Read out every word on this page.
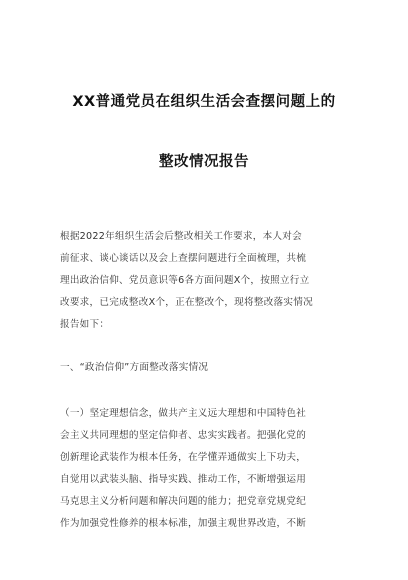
XX普通党员在组织生活会查摆问题上的
整改情况报告
根据2022年组织生活会后整改相关工作要求，本人对会
前征求、谈心谈话以及会上查摆问题进行全面梳理，共梳
理出政治信仰、党员意识等6各方面问题X个，按照立行立
改要求，已完成整改X个，正在整改个，现将整改落实情况
报告如下：
一、“政治信仰”方面整改落实情况
（一）坚定理想信念，做共产主义远大理想和中国特色社
会主义共同理想的坚定信仰者、忠实实践者。把强化党的
创新理论武装作为根本任务，在学懂弄通做实上下功夫，
自觉用以武装头脑、指导实践、推动工作，不断增强运用
马克思主义分析问题和解决问题的能力；把党章党规党纪
作为加强党性修养的根本标准，加强主观世界改造，不断
